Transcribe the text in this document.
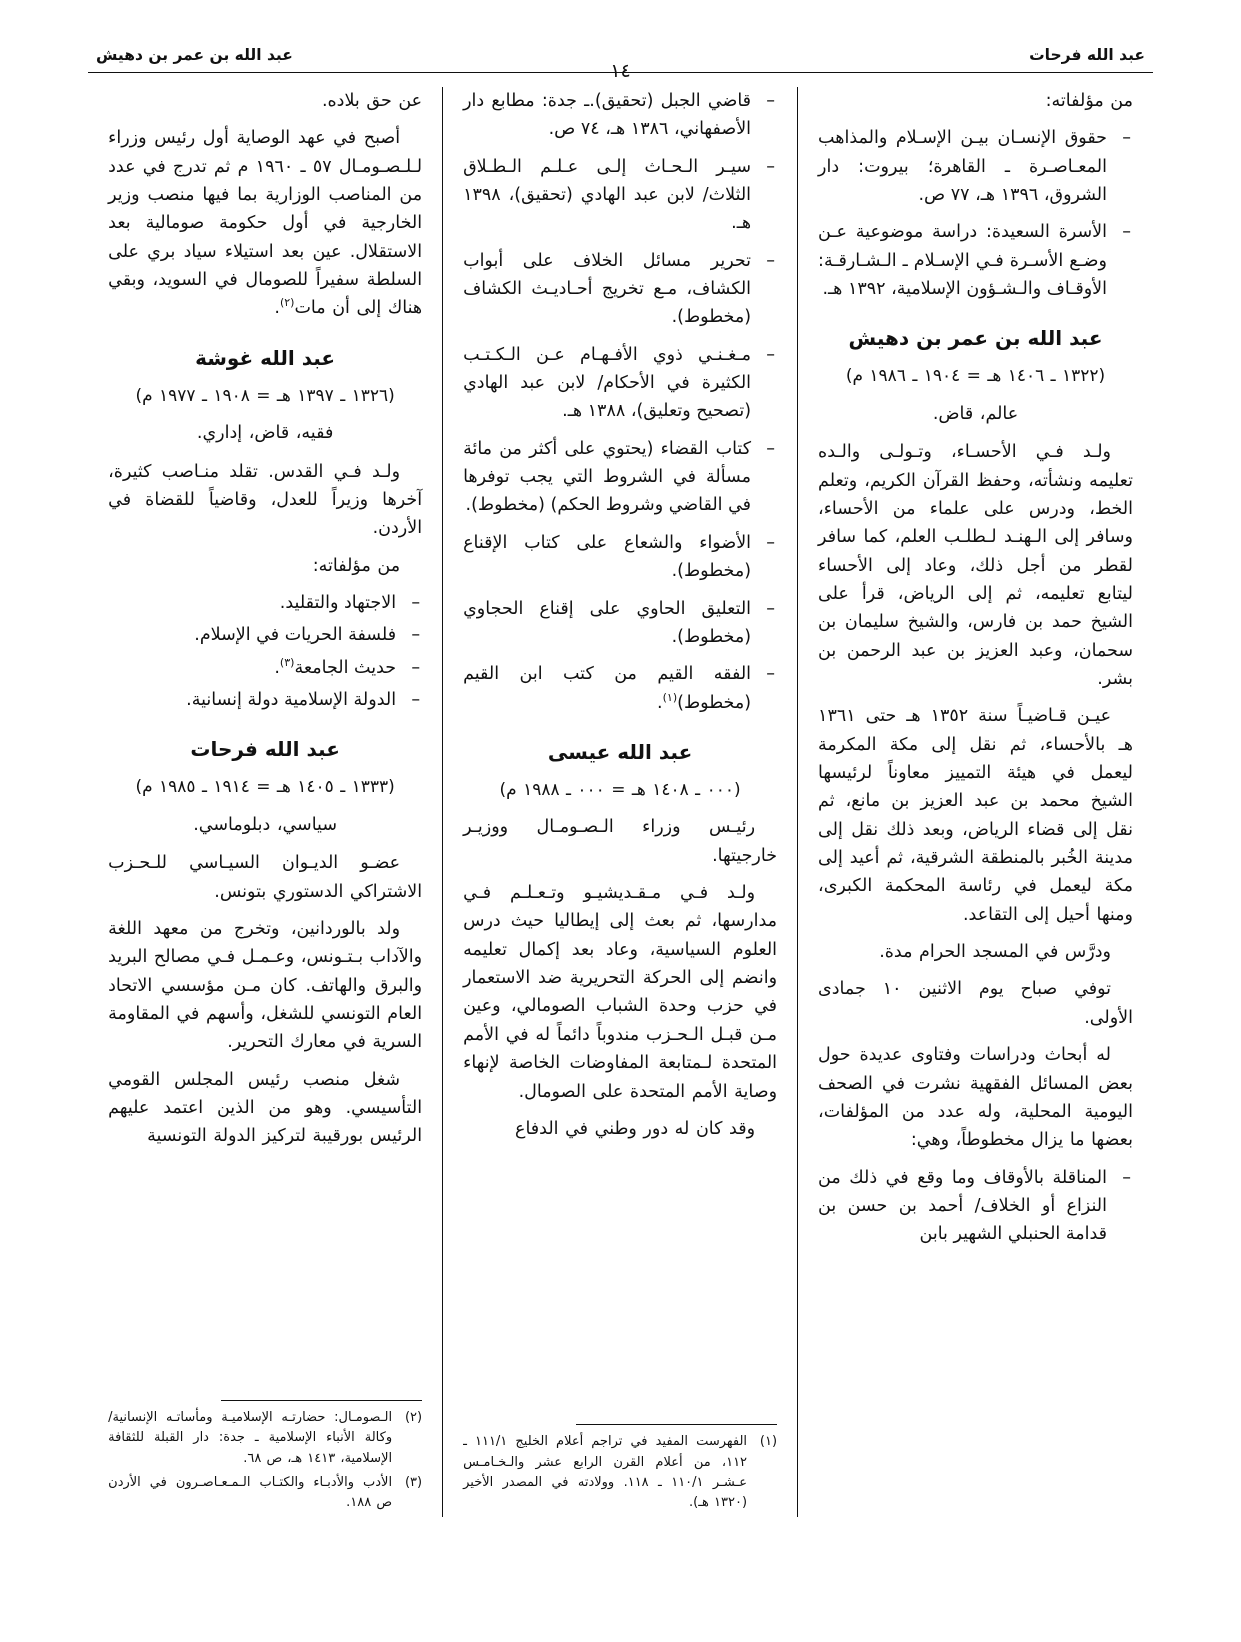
عبد الله فرحات
عبد الله بن عمر بن دهيش
١٤

من مؤلفاته:

– حقوق الإنسـان بيـن الإسـلام والمذاهب المعـاصـرة ـ القاهرة؛ بيروت: دار الشروق، ١٣٩٦ هـ، ٧٧ ص.
– الأسرة السعيدة: دراسة موضوعية عـن وضـع الأسـرة فـي الإسـلام ـ الـشـارقـة: الأوقـاف والـشـؤون الإسلامية، ١٣٩٢ هـ.
عبد الله بن عمر بن دهيش

(١٣٢٢ ـ ١٤٠٦ هـ = ١٩٠٤ ـ ١٩٨٦ م)

عالم، قاض.

ولـد فـي الأحسـاء، وتـولـى والـده تعليمه ونشأته، وحفظ القرآن الكريم، وتعلم الخط، ودرس على علماء من الأحساء، وسافر إلى الـهنـد لـطلـب العلم، كما سافر لقطر من أجل ذلك، وعاد إلى الأحساء ليتابع تعليمه، ثم إلى الرياض، قرأ على الشيخ حمد بن فارس، والشيخ سليمان بن سحمان، وعبد العزيز بن عبد الرحمن بن بشر.

عيـن قـاضيـاً سنة ١٣٥٢ هـ حتى ١٣٦١ هـ بالأحساء، ثم نقل إلى مكة المكرمة ليعمل في هيئة التمييز معاوناً لرئيسها الشيخ محمد بن عبد العزيز بن مانع، ثم نقل إلى قضاء الرياض، وبعد ذلك نقل إلى مدينة الخُبر بالمنطقة الشرقية، ثم أعيد إلى مكة ليعمل في رئاسة المحكمة الكبرى، ومنها أحيل إلى التقاعد.

ودرَّس في المسجد الحرام مدة.

توفي صباح يوم الاثنين ١٠ جمادى الأولى.

له أبحاث ودراسات وفتاوى عديدة حول بعض المسائل الفقهية نشرت في الصحف اليومية المحلية، وله عدد من المؤلفات، بعضها ما يزال مخطوطاً، وهي:

– المناقلة بالأوقاف وما وقع في ذلك من النزاع أو الخلاف/ أحمد بن حسن بن قدامة الحنبلي الشهير بابن
– قاضي الجبل (تحقيق).ـ جدة: مطابع دار الأصفهاني، ١٣٨٦ هـ، ٧٤ ص.
– سيـر الـحـاث إلـى عـلـم الـطـلاق الثلاث/ لابن عبد الهادي (تحقيق)، ١٣٩٨ هـ.
– تحرير مسائل الخلاف على أبواب الكشاف، مـع تخريج أحـاديـث الكشاف (مخطوط).
– مـغـنـي ذوي الأفـهـام عـن الـكـتـب الكثيرة في الأحكام/ لابن عبد الهادي (تصحيح وتعليق)، ١٣٨٨ هـ.
– كتاب القضاء (يحتوي على أكثر من مائة مسألة في الشروط التي يجب توفرها في القاضي وشروط الحكم) (مخطوط).
– الأضواء والشعاع على كتاب الإقناع (مخطوط).
– التعليق الحاوي على إقناع الحجاوي (مخطوط).
– الفقه القيم من كتب ابن القيم (مخطوط)$^{(١)}$.
عبد الله عيسى

(٠٠٠ ـ ١٤٠٨ هـ = ٠٠٠ ـ ١٩٨٨ م)

رئيـس وزراء الـصـومـال ووزيـر خارجيتها.

ولـد فـي مـقـديشيـو وتـعـلـم فـي مدارسها، ثم بعث إلى إيطاليا حيث درس العلوم السياسية، وعاد بعد إكمال تعليمه وانضم إلى الحركة التحريرية ضد الاستعمار في حزب وحدة الشباب الصومالي، وعين مـن قبـل الـحـزب مندوباً دائماً له في الأمم المتحدة لـمتابعة المفاوضات الخاصة لإنهاء وصاية الأمم المتحدة على الصومال.

وقد كان له دور وطني في الدفاع

(١)
الفهرست المفيد في تراجم أعلام الخليج ١١١/١ ـ ١١٢، من أعلام القرن الرابع عشر والـخـامـس عـشـر ١١٠/١ ـ ١١٨. وولادته في المصدر الأخير (١٣٢٠ هـ).

عن حق بلاده.

أصبح في عهد الوصاية أول رئيس وزراء لـلـصـومـال ٥٧ ـ ١٩٦٠ م ثم تدرج في عدد من المناصب الوزارية بما فيها منصب وزير الخارجية في أول حكومة صومالية بعد الاستقلال. عين بعد استيلاء سياد بري على السلطة سفيراً للصومال في السويد، وبقي هناك إلى أن مات$^{(٢)}$.

عبد الله غوشة

(١٣٢٦ ـ ١٣٩٧ هـ = ١٩٠٨ ـ ١٩٧٧ م)

فقيه، قاض، إداري.

ولـد فـي القدس. تقلد منـاصب كثيرة، آخرها وزيراً للعدل، وقاضياً للقضاة في الأردن.

من مؤلفاته:

– الاجتهاد والتقليد.
– فلسفة الحريات في الإسلام.
– حديث الجامعة$^{(٣)}$.
– الدولة الإسلامية دولة إنسانية.
عبد الله فرحات

(١٣٣٣ ـ ١٤٠٥ هـ = ١٩١٤ ـ ١٩٨٥ م)

سياسي، دبلوماسي.

عضـو الديـوان السيـاسي للـحـزب الاشتراكي الدستوري بتونس.

ولد بالوردانين، وتخرج من معهد اللغة والآداب بـتـونس، وعـمـل فـي مصالح البريد والبرق والهاتف. كان مـن مؤسسي الاتحاد العام التونسي للشغل، وأسهم في المقاومة السرية في معارك التحرير.

شغل منصب رئيس المجلس القومي التأسيسي. وهو من الذين اعتمد عليهم الرئيس بورقيبة لتركيز الدولة التونسية

(٢)
الـصومـال: حضارتـه الإسلاميـة ومأساتـه الإنسانية/وكالة الأنباء الإسلامية ـ جدة: دار القبلة للثقافة الإسلامية، ١٤١٣ هـ، ص ٦٨.

(٣)
الأدب والأدبـاء والكتـاب الـمـعـاصـرون في الأردن ص ١٨٨.
